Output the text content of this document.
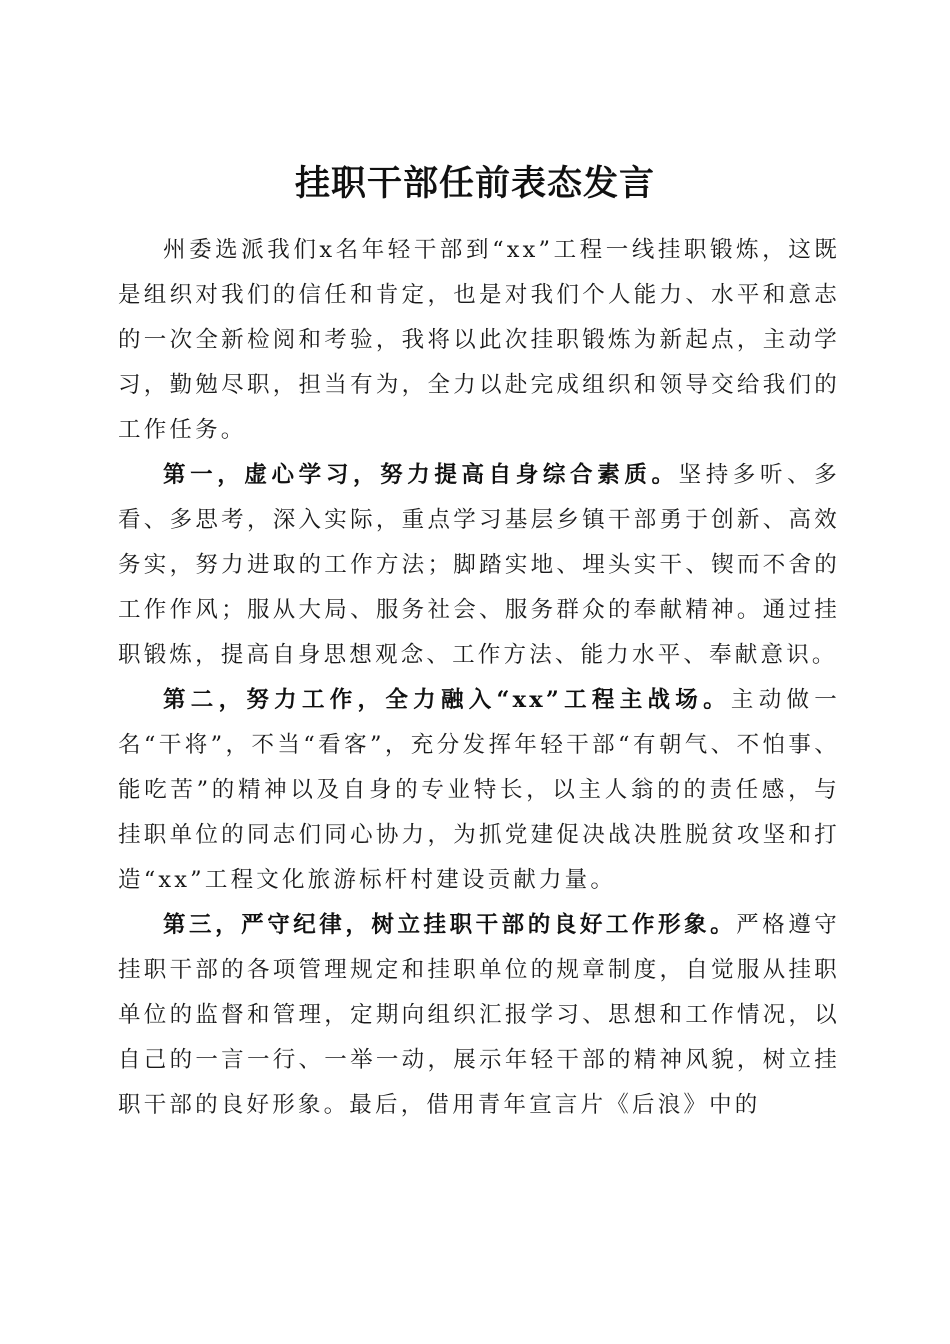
挂职干部任前表态发言

州委选派我们x名年轻干部到“xx”工程一线挂职锻炼，这既是组织对我们的信任和肯定，也是对我们个人能力、水平和意志的一次全新检阅和考验，我将以此次挂职锻炼为新起点，主动学习，勤勉尽职，担当有为，全力以赴完成组织和领导交给我们的工作任务。

第一，虚心学习，努力提高自身综合素质。坚持多听、多看、多思考，深入实际，重点学习基层乡镇干部勇于创新、高效务实，努力进取的工作方法；脚踏实地、埋头实干、锲而不舍的工作作风；服从大局、服务社会、服务群众的奉献精神。通过挂职锻炼，提高自身思想观念、工作方法、能力水平、奉献意识。

第二，努力工作，全力融入“xx”工程主战场。主动做一名“干将”，不当“看客”，充分发挥年轻干部“有朝气、不怕事、能吃苦”的精神以及自身的专业特长，以主人翁的的责任感，与挂职单位的同志们同心协力，为抓党建促决战决胜脱贫攻坚和打造“xx”工程文化旅游标杆村建设贡献力量。

第三，严守纪律，树立挂职干部的良好工作形象。严格遵守挂职干部的各项管理规定和挂职单位的规章制度，自觉服从挂职单位的监督和管理，定期向组织汇报学习、思想和工作情况，以自己的一言一行、一举一动，展示年轻干部的精神风貌，树立挂职干部的良好形象。最后，借用青年宣言片《后浪》中的
